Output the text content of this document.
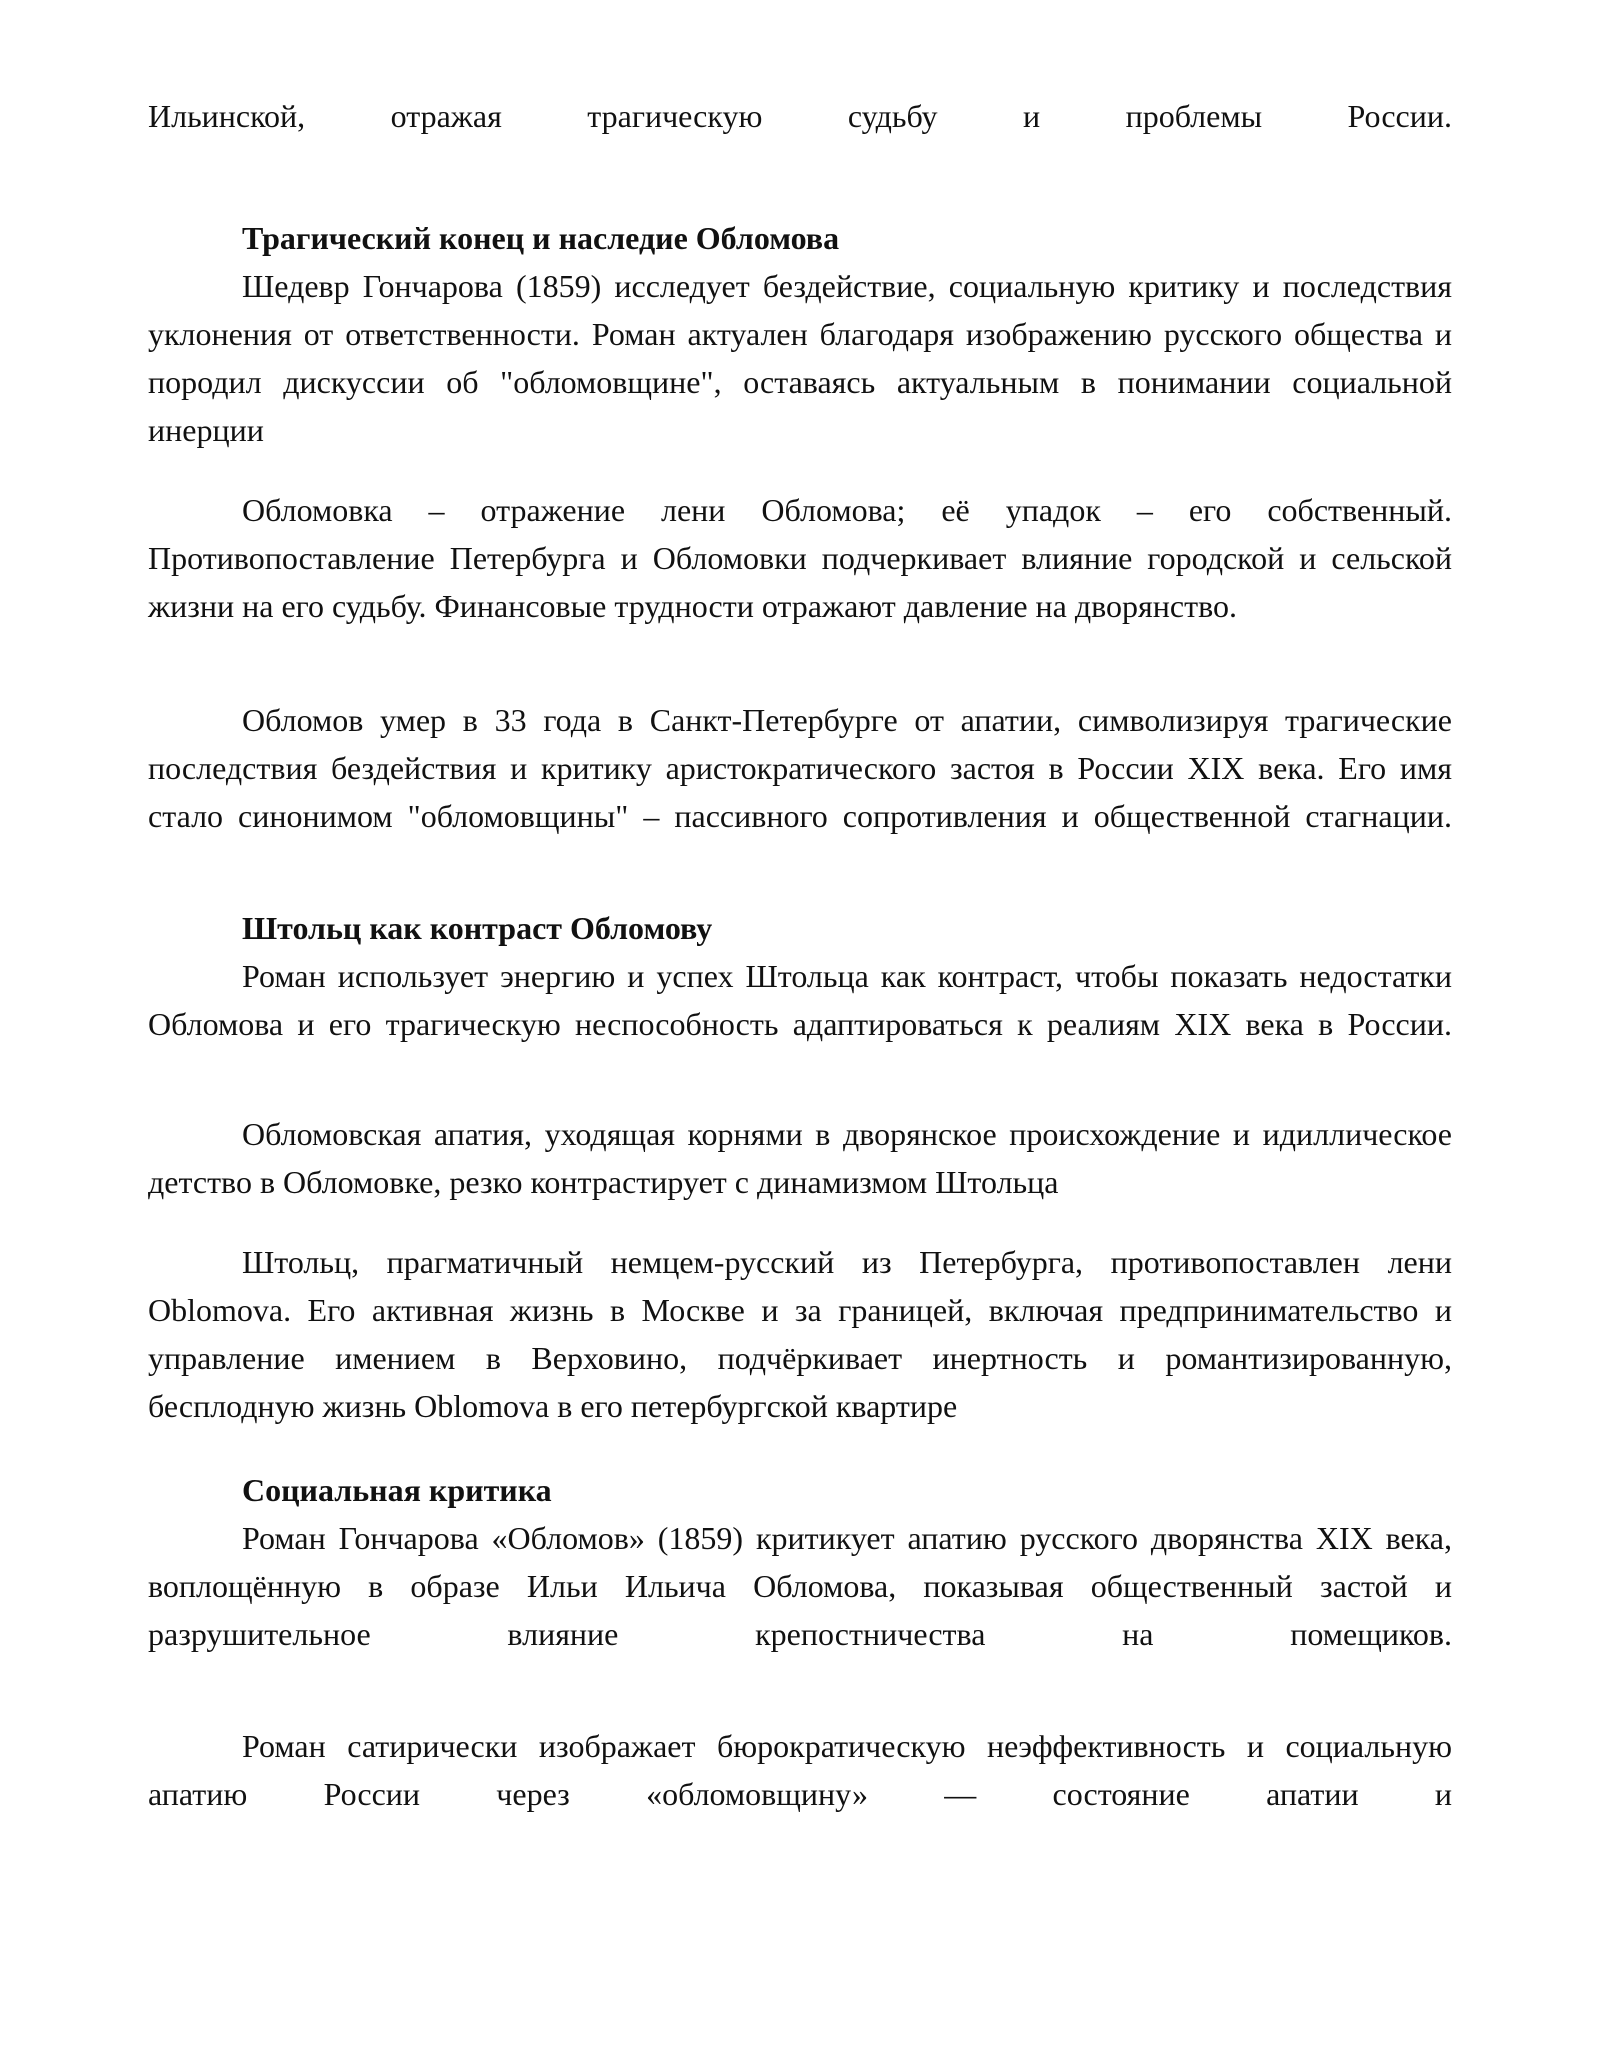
Ильинской, отражая трагическую судьбу и проблемы России.

Трагический конец и наследие Обломова

Шедевр Гончарова (1859) исследует бездействие, социальную критику и последствия уклонения от ответственности. Роман актуален благодаря изображению русского общества и породил дискуссии об "обломовщине", оставаясь актуальным в понимании социальной инерции

Обломовка – отражение лени Обломова; её упадок – его собственный. Противопоставление Петербурга и Обломовки подчеркивает влияние городской и сельской жизни на его судьбу. Финансовые трудности отражают давление на дворянство.

Обломов умер в 33 года в Санкт-Петербурге от апатии, символизируя трагические последствия бездействия и критику аристократического застоя в России XIX века. Его имя стало синонимом "обломовщины" – пассивного сопротивления и общественной стагнации.

Штольц как контраст Обломову

Роман использует энергию и успех Штольца как контраст, чтобы показать недостатки Обломова и его трагическую неспособность адаптироваться к реалиям XIX века в России.

Обломовская апатия, уходящая корнями в дворянское происхождение и идиллическое детство в Обломовке, резко контрастирует с динамизмом Штольца

Штольц, прагматичный немцем-русский из Петербурга, противопоставлен лени Oblomova. Его активная жизнь в Москве и за границей, включая предпринимательство и управление имением в Верховино, подчёркивает инертность и романтизированную, бесплодную жизнь Oblomova в его петербургской квартире

Социальная критика

Роман Гончарова «Обломов» (1859) критикует апатию русского дворянства XIX века, воплощённую в образе Ильи Ильича Обломова, показывая общественный застой и разрушительное влияние крепостничества на помещиков.

Роман сатирически изображает бюрократическую неэффективность и социальную апатию России через «обломовщину» — состояние апатии и
